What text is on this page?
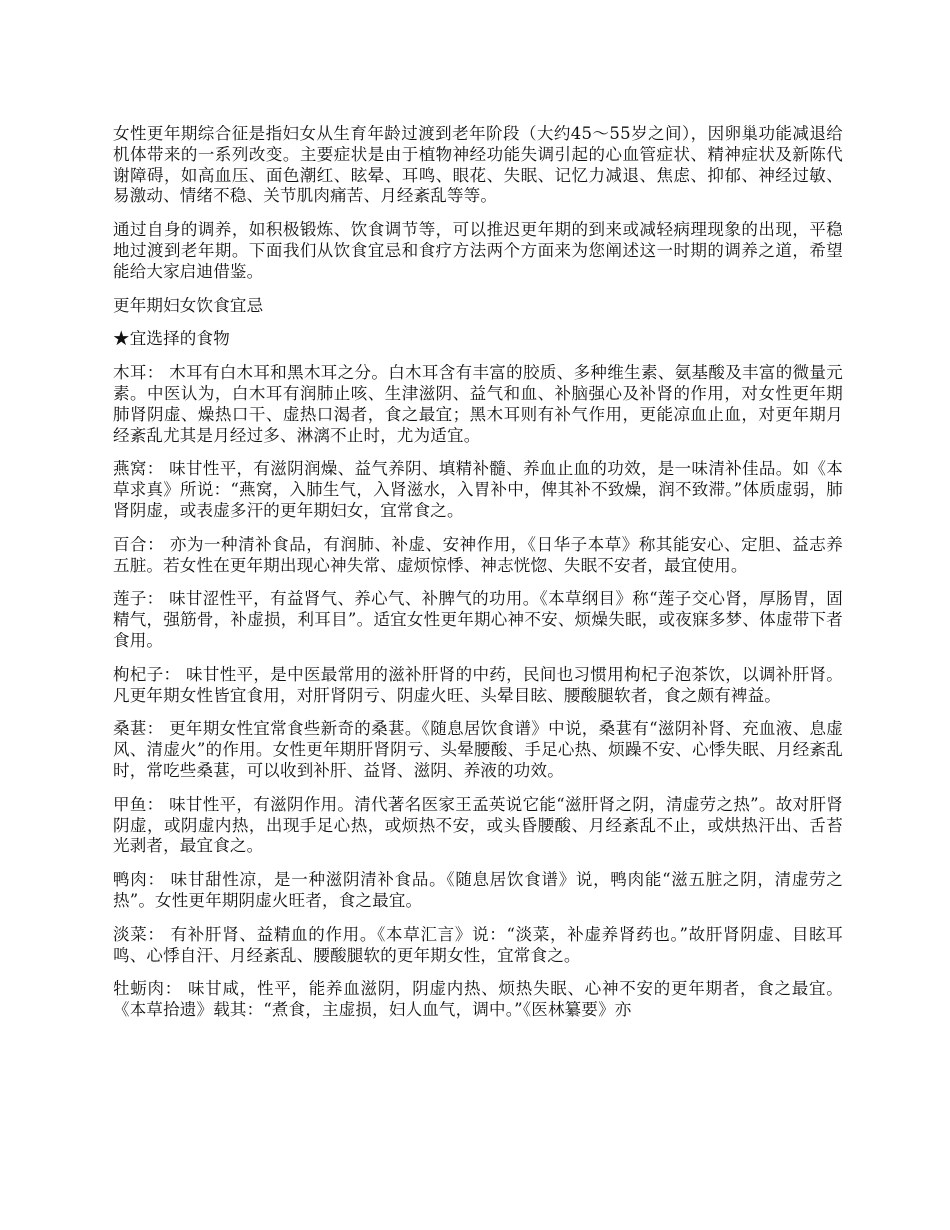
女性更年期综合征是指妇女从生育年龄过渡到老年阶段（大约45～55岁之间），因卵巢功能减退给机体带来的一系列改变。主要症状是由于植物神经功能失调引起的心血管症状、精神症状及新陈代谢障碍，如高血压、面色潮红、眩晕、耳鸣、眼花、失眠、记忆力减退、焦虑、抑郁、神经过敏、易激动、情绪不稳、关节肌肉痛苦、月经紊乱等等。

通过自身的调养，如积极锻炼、饮食调节等，可以推迟更年期的到来或减轻病理现象的出现，平稳地过渡到老年期。下面我们从饮食宜忌和食疗方法两个方面来为您阐述这一时期的调养之道，希望能给大家启迪借鉴。

更年期妇女饮食宜忌

★宜选择的食物

木耳： 木耳有白木耳和黑木耳之分。白木耳含有丰富的胶质、多种维生素、氨基酸及丰富的微量元素。中医认为，白木耳有润肺止咳、生津滋阴、益气和血、补脑强心及补肾的作用，对女性更年期肺肾阴虚、燥热口干、虚热口渴者，食之最宜；黑木耳则有补气作用，更能凉血止血，对更年期月经紊乱尤其是月经过多、淋漓不止时，尤为适宜。

燕窝： 味甘性平，有滋阴润燥、益气养阴、填精补髓、养血止血的功效，是一味清补佳品。如《本草求真》所说：“燕窝，入肺生气，入肾滋水，入胃补中，俾其补不致燥，润不致滞。”体质虚弱，肺肾阴虚，或表虚多汗的更年期妇女，宜常食之。

百合： 亦为一种清补食品，有润肺、补虚、安神作用，《日华子本草》称其能安心、定胆、益志养五脏。若女性在更年期出现心神失常、虚烦惊悸、神志恍惚、失眠不安者，最宜使用。

莲子： 味甘涩性平，有益肾气、养心气、补脾气的功用。《本草纲目》称“莲子交心肾，厚肠胃，固精气，强筋骨，补虚损，利耳目”。适宜女性更年期心神不安、烦燥失眠，或夜寐多梦、体虚带下者食用。

枸杞子： 味甘性平，是中医最常用的滋补肝肾的中药，民间也习惯用枸杞子泡茶饮，以调补肝肾。凡更年期女性皆宜食用，对肝肾阴亏、阴虚火旺、头晕目眩、腰酸腿软者，食之颇有裨益。

桑葚： 更年期女性宜常食些新奇的桑葚。《随息居饮食谱》中说，桑葚有“滋阴补肾、充血液、息虚风、清虚火”的作用。女性更年期肝肾阴亏、头晕腰酸、手足心热、烦躁不安、心悸失眠、月经紊乱时，常吃些桑葚，可以收到补肝、益肾、滋阴、养液的功效。

甲鱼： 味甘性平，有滋阴作用。清代著名医家王孟英说它能“滋肝肾之阴，清虚劳之热”。故对肝肾阴虚，或阴虚内热，出现手足心热，或烦热不安，或头昏腰酸、月经紊乱不止，或烘热汗出、舌苔光剥者，最宜食之。

鸭肉： 味甘甜性凉，是一种滋阴清补食品。《随息居饮食谱》说，鸭肉能“滋五脏之阴，清虚劳之热”。女性更年期阴虚火旺者，食之最宜。

淡菜： 有补肝肾、益精血的作用。《本草汇言》说：“淡菜，补虚养肾药也。”故肝肾阴虚、目眩耳鸣、心悸自汗、月经紊乱、腰酸腿软的更年期女性，宜常食之。

牡蛎肉： 味甘咸，性平，能养血滋阴，阴虚内热、烦热失眠、心神不安的更年期者，食之最宜。《本草拾遗》载其：“煮食，主虚损，妇人血气，调中。”《医林纂要》亦
